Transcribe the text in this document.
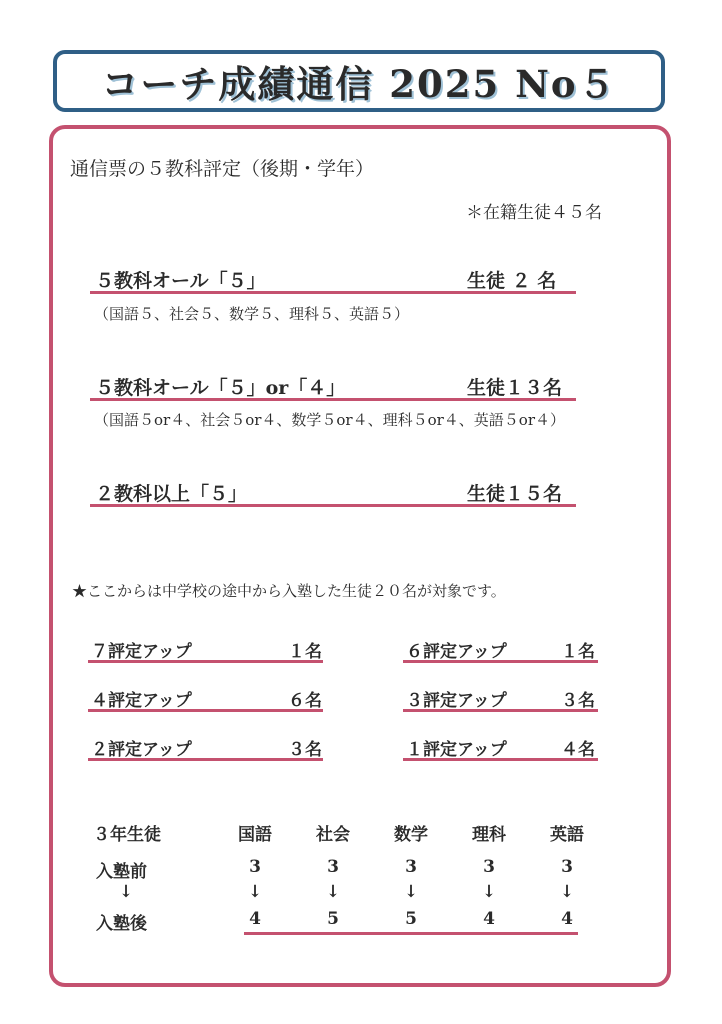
コーチ成績通信 2025 No５
通信票の５教科評定（後期・学年）
＊在籍生徒４５名
５教科オール「５」	生徒 ２ 名
（国語５、社会５、数学５、理科５、英語５）
５教科オール「５」or「４」	生徒１３名
（国語５or４、社会５or４、数学５or４、理科５or４、英語５or４）
２教科以上「５」	生徒１５名
★ここからは中学校の途中から入塾した生徒２０名が対象です。
７評定アップ	１名
４評定アップ	６名
２評定アップ	３名
６評定アップ	１名
３評定アップ	３名
１評定アップ	４名
３年生徒	国語	社会	数学	理科	英語
入塾前	3	3	3	3	3
↓	↓	↓	↓	↓	↓
入塾後	4	5	5	4	4
